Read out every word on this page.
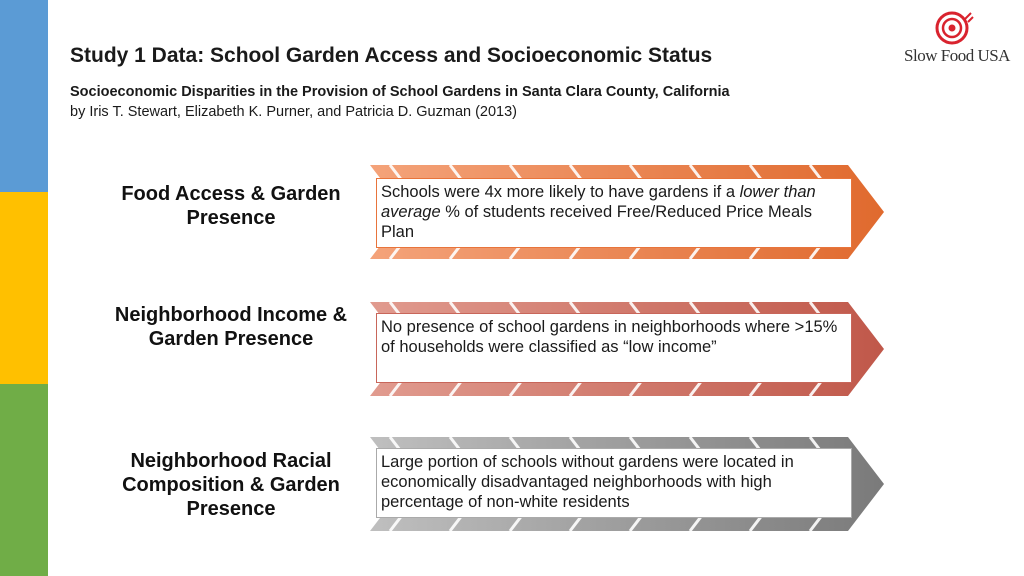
Study 1 Data: School Garden Access and Socioeconomic Status
Socioeconomic Disparities in the Provision of School Gardens in Santa Clara County, California
by Iris T. Stewart, Elizabeth K. Purner, and Patricia D. Guzman (2013)
Slow Food USA
Food Access & Garden Presence
Schools were 4x more likely to have gardens if a lower than average % of students received Free/Reduced Price Meals Plan
Neighborhood Income & Garden Presence
No presence of school gardens in neighborhoods where >15% of households were classified as “low income”
Neighborhood Racial Composition & Garden Presence
Large portion of schools without gardens were located in economically disadvantaged neighborhoods with high percentage of non-white residents
